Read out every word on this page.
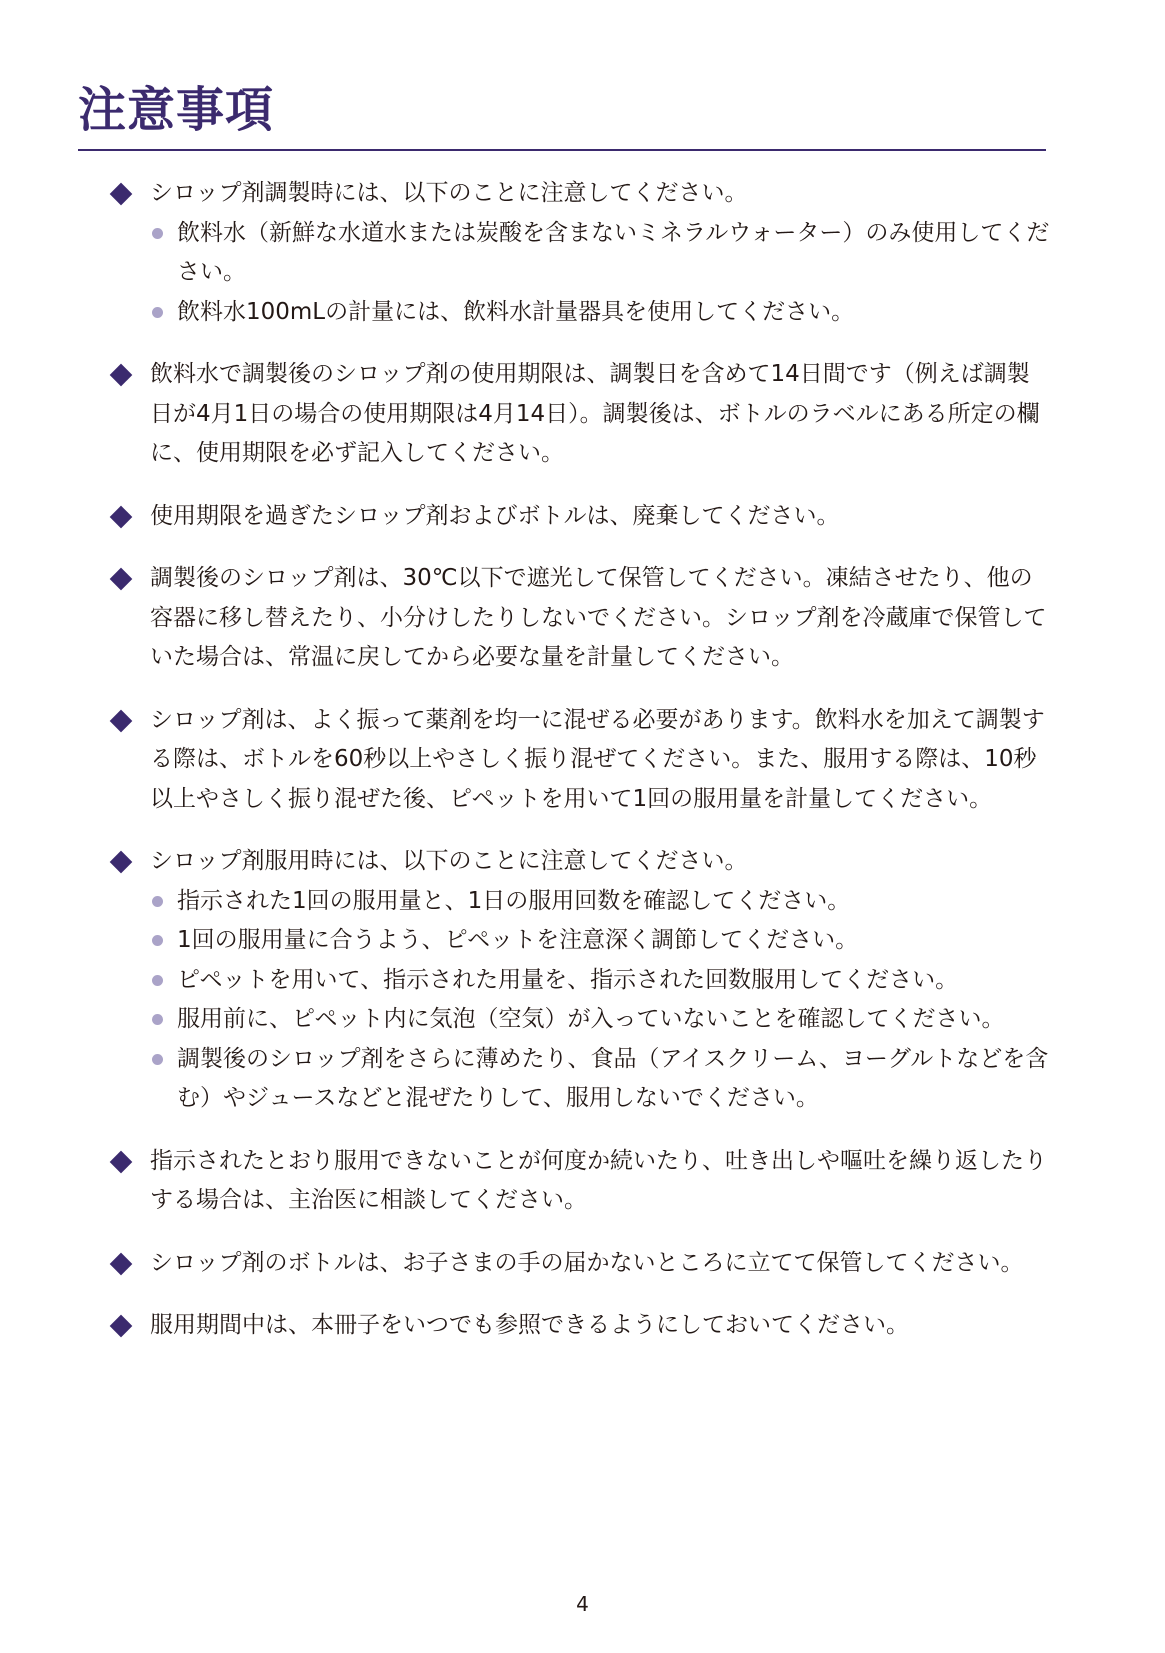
注意事項
シロップ剤調製時には、以下のことに注意してください。
飲料水（新鮮な水道水または炭酸を含まないミネラルウォーター）のみ使用してください。
飲料水100mLの計量には、飲料水計量器具を使用してください。
飲料水で調製後のシロップ剤の使用期限は、調製日を含めて14日間です（例えば調製日が4月1日の場合の使用期限は4月14日）。調製後は、ボトルのラベルにある所定の欄に、使用期限を必ず記入してください。
使用期限を過ぎたシロップ剤およびボトルは、廃棄してください。
調製後のシロップ剤は、30℃以下で遮光して保管してください。凍結させたり、他の容器に移し替えたり、小分けしたりしないでください。シロップ剤を冷蔵庫で保管していた場合は、常温に戻してから必要な量を計量してください。
シロップ剤は、よく振って薬剤を均一に混ぜる必要があります。飲料水を加えて調製する際は、ボトルを60秒以上やさしく振り混ぜてください。また、服用する際は、10秒以上やさしく振り混ぜた後、ピペットを用いて1回の服用量を計量してください。
シロップ剤服用時には、以下のことに注意してください。
指示された1回の服用量と、1日の服用回数を確認してください。
1回の服用量に合うよう、ピペットを注意深く調節してください。
ピペットを用いて、指示された用量を、指示された回数服用してください。
服用前に、ピペット内に気泡（空気）が入っていないことを確認してください。
調製後のシロップ剤をさらに薄めたり、食品（アイスクリーム、ヨーグルトなどを含む）やジュースなどと混ぜたりして、服用しないでください。
指示されたとおり服用できないことが何度か続いたり、吐き出しや嘔吐を繰り返したりする場合は、主治医に相談してください。
シロップ剤のボトルは、お子さまの手の届かないところに立てて保管してください。
服用期間中は、本冊子をいつでも参照できるようにしておいてください。
4
